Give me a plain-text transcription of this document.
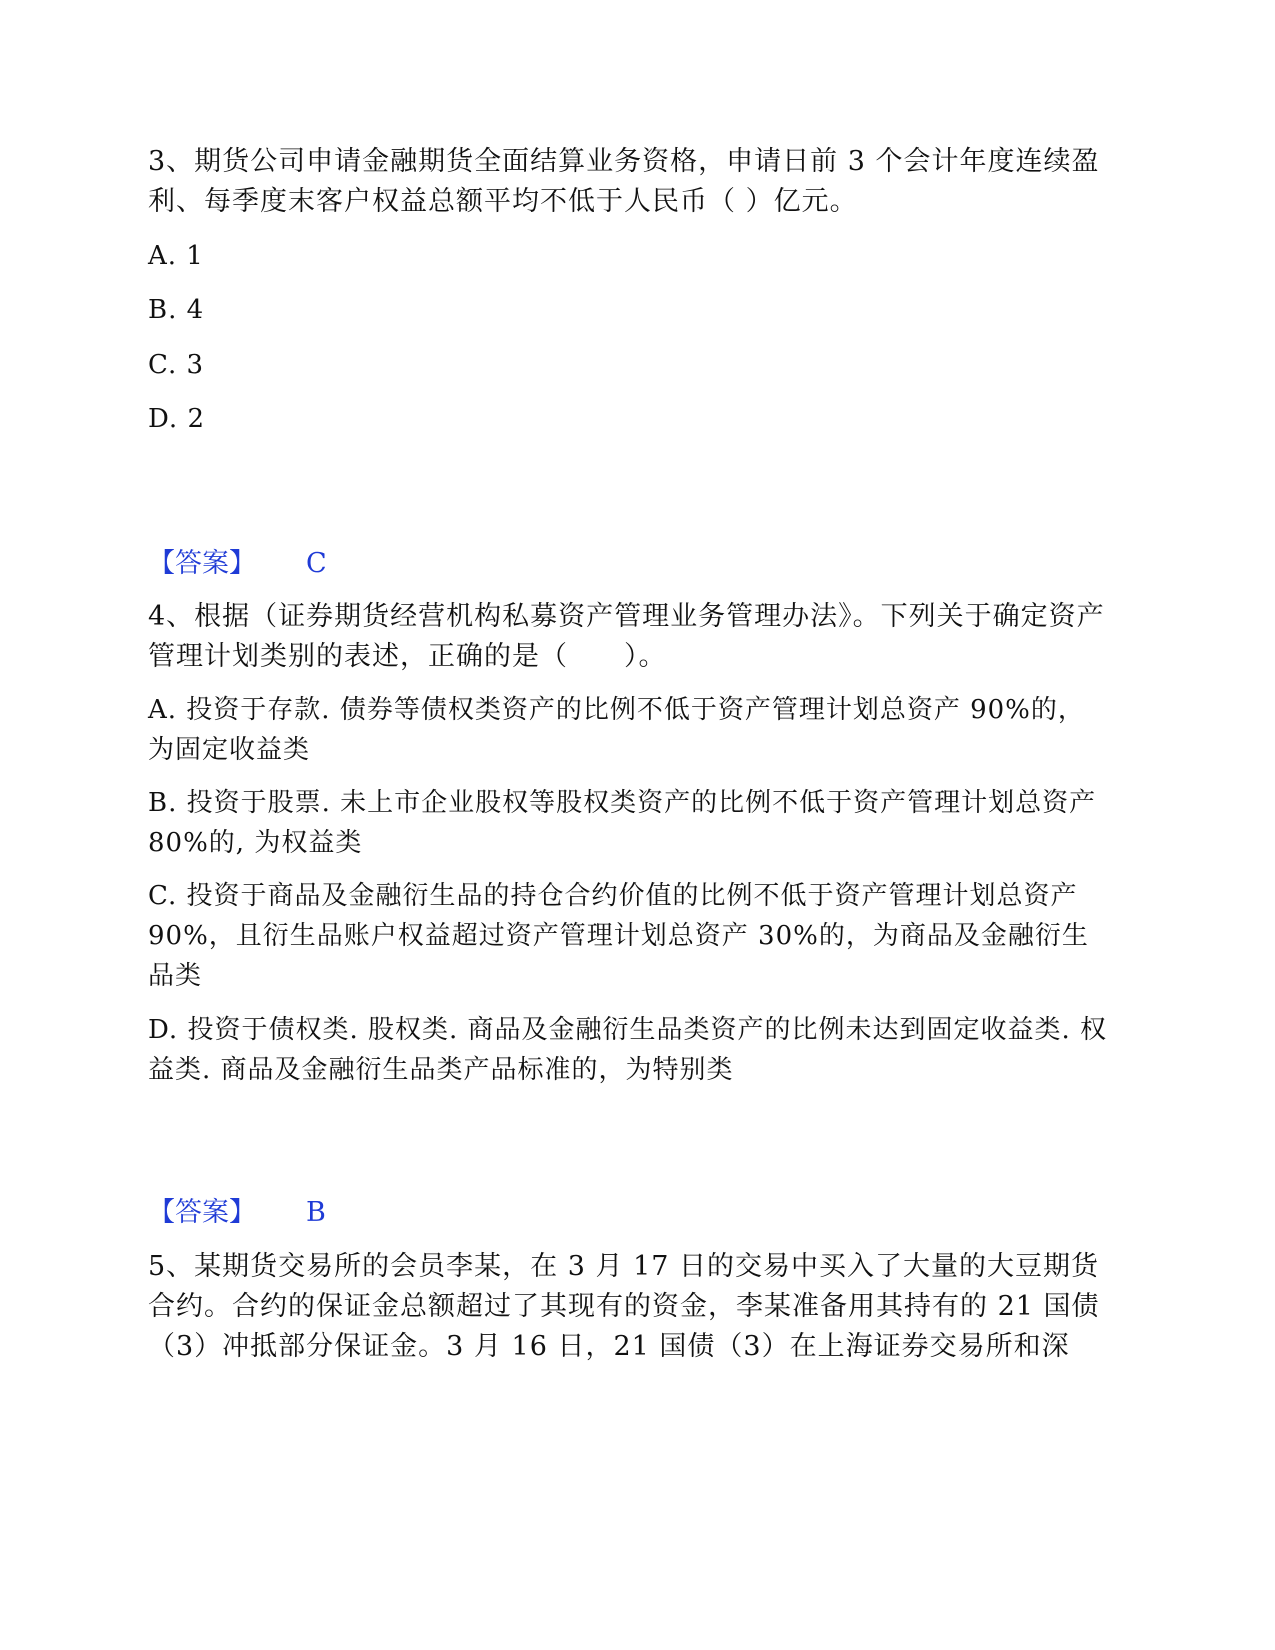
3、期货公司申请金融期货全面结算业务资格，申请日前 3 个会计年度连续盈利、每季度末客户权益总额平均不低于人民币（ ）亿元。
A. 1
B. 4
C. 3
D. 2
【答案】 C
4、根据（证券期货经营机构私募资产管理业务管理办法》。下列关于确定资产管理计划类别的表述，正确的是（　　）。
A. 投资于存款. 债券等债权类资产的比例不低于资产管理计划总资产 90%的，为固定收益类
B. 投资于股票. 未上市企业股权等股权类资产的比例不低于资产管理计划总资产 80%的, 为权益类
C. 投资于商品及金融衍生品的持仓合约价值的比例不低于资产管理计划总资产 90%，且衍生品账户权益超过资产管理计划总资产 30%的，为商品及金融衍生品类
D. 投资于债权类. 股权类. 商品及金融衍生品类资产的比例未达到固定收益类. 权益类. 商品及金融衍生品类产品标准的，为特别类
【答案】 B
5、某期货交易所的会员李某，在 3 月 17 日的交易中买入了大量的大豆期货合约。合约的保证金总额超过了其现有的资金，李某准备用其持有的 21 国债（3）冲抵部分保证金。3 月 16 日，21 国债（3）在上海证券交易所和深
